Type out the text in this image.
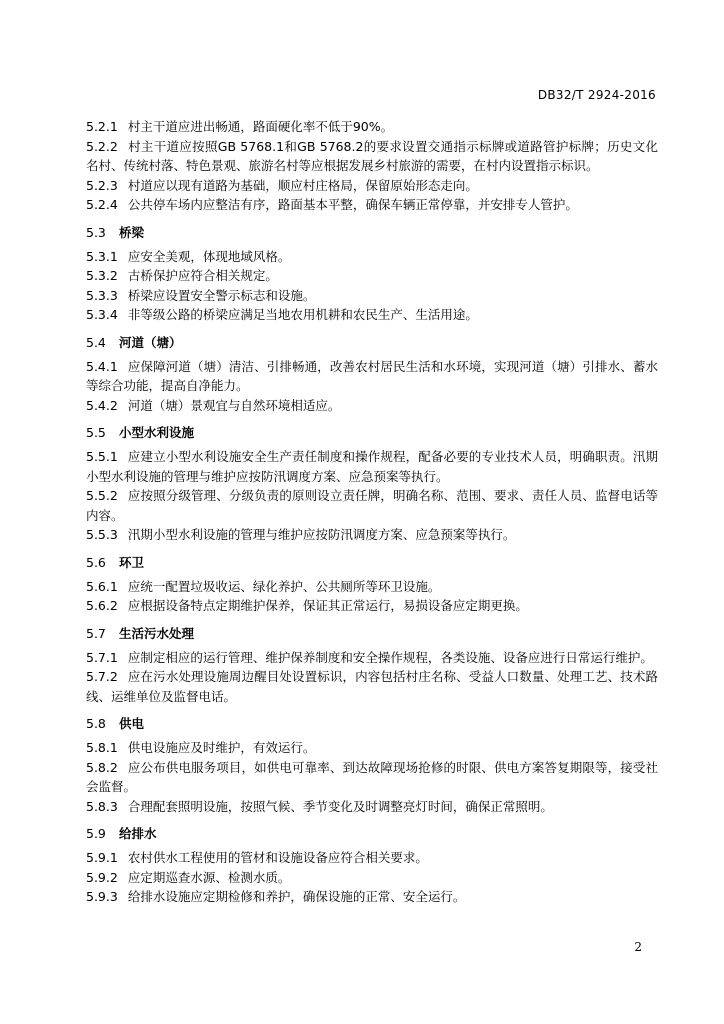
DB32/T 2924-2016

5.2.1 村主干道应进出畅通，路面硬化率不低于90%。

5.2.2 村主干道应按照GB 5768.1和GB 5768.2的要求设置交通指示标牌或道路管护标牌；历史文化名村、传统村落、特色景观、旅游名村等应根据发展乡村旅游的需要，在村内设置指示标识。

5.2.3 村道应以现有道路为基础，顺应村庄格局，保留原始形态走向。

5.2.4 公共停车场内应整洁有序，路面基本平整，确保车辆正常停靠，并安排专人管护。

5.3 桥梁

5.3.1 应安全美观，体现地域风格。

5.3.2 古桥保护应符合相关规定。

5.3.3 桥梁应设置安全警示标志和设施。

5.3.4 非等级公路的桥梁应满足当地农用机耕和农民生产、生活用途。

5.4 河道（塘）

5.4.1 应保障河道（塘）清洁、引排畅通，改善农村居民生活和水环境，实现河道（塘）引排水、蓄水等综合功能，提高自净能力。

5.4.2 河道（塘）景观宜与自然环境相适应。

5.5 小型水利设施

5.5.1 应建立小型水利设施安全生产责任制度和操作规程，配备必要的专业技术人员，明确职责。汛期小型水利设施的管理与维护应按防汛调度方案、应急预案等执行。

5.5.2 应按照分级管理、分级负责的原则设立责任牌，明确名称、范围、要求、责任人员、监督电话等内容。

5.5.3 汛期小型水利设施的管理与维护应按防汛调度方案、应急预案等执行。

5.6 环卫

5.6.1 应统一配置垃圾收运、绿化养护、公共厕所等环卫设施。

5.6.2 应根据设备特点定期维护保养，保证其正常运行，易损设备应定期更换。

5.7 生活污水处理

5.7.1 应制定相应的运行管理、维护保养制度和安全操作规程，各类设施、设备应进行日常运行维护。

5.7.2 应在污水处理设施周边醒目处设置标识，内容包括村庄名称、受益人口数量、处理工艺、技术路线、运维单位及监督电话。

5.8 供电

5.8.1 供电设施应及时维护，有效运行。

5.8.2 应公布供电服务项目，如供电可靠率、到达故障现场抢修的时限、供电方案答复期限等，接受社会监督。

5.8.3 合理配套照明设施，按照气候、季节变化及时调整亮灯时间，确保正常照明。

5.9 给排水

5.9.1 农村供水工程使用的管材和设施设备应符合相关要求。

5.9.2 应定期巡查水源、检测水质。

5.9.3 给排水设施应定期检修和养护，确保设施的正常、安全运行。

2
